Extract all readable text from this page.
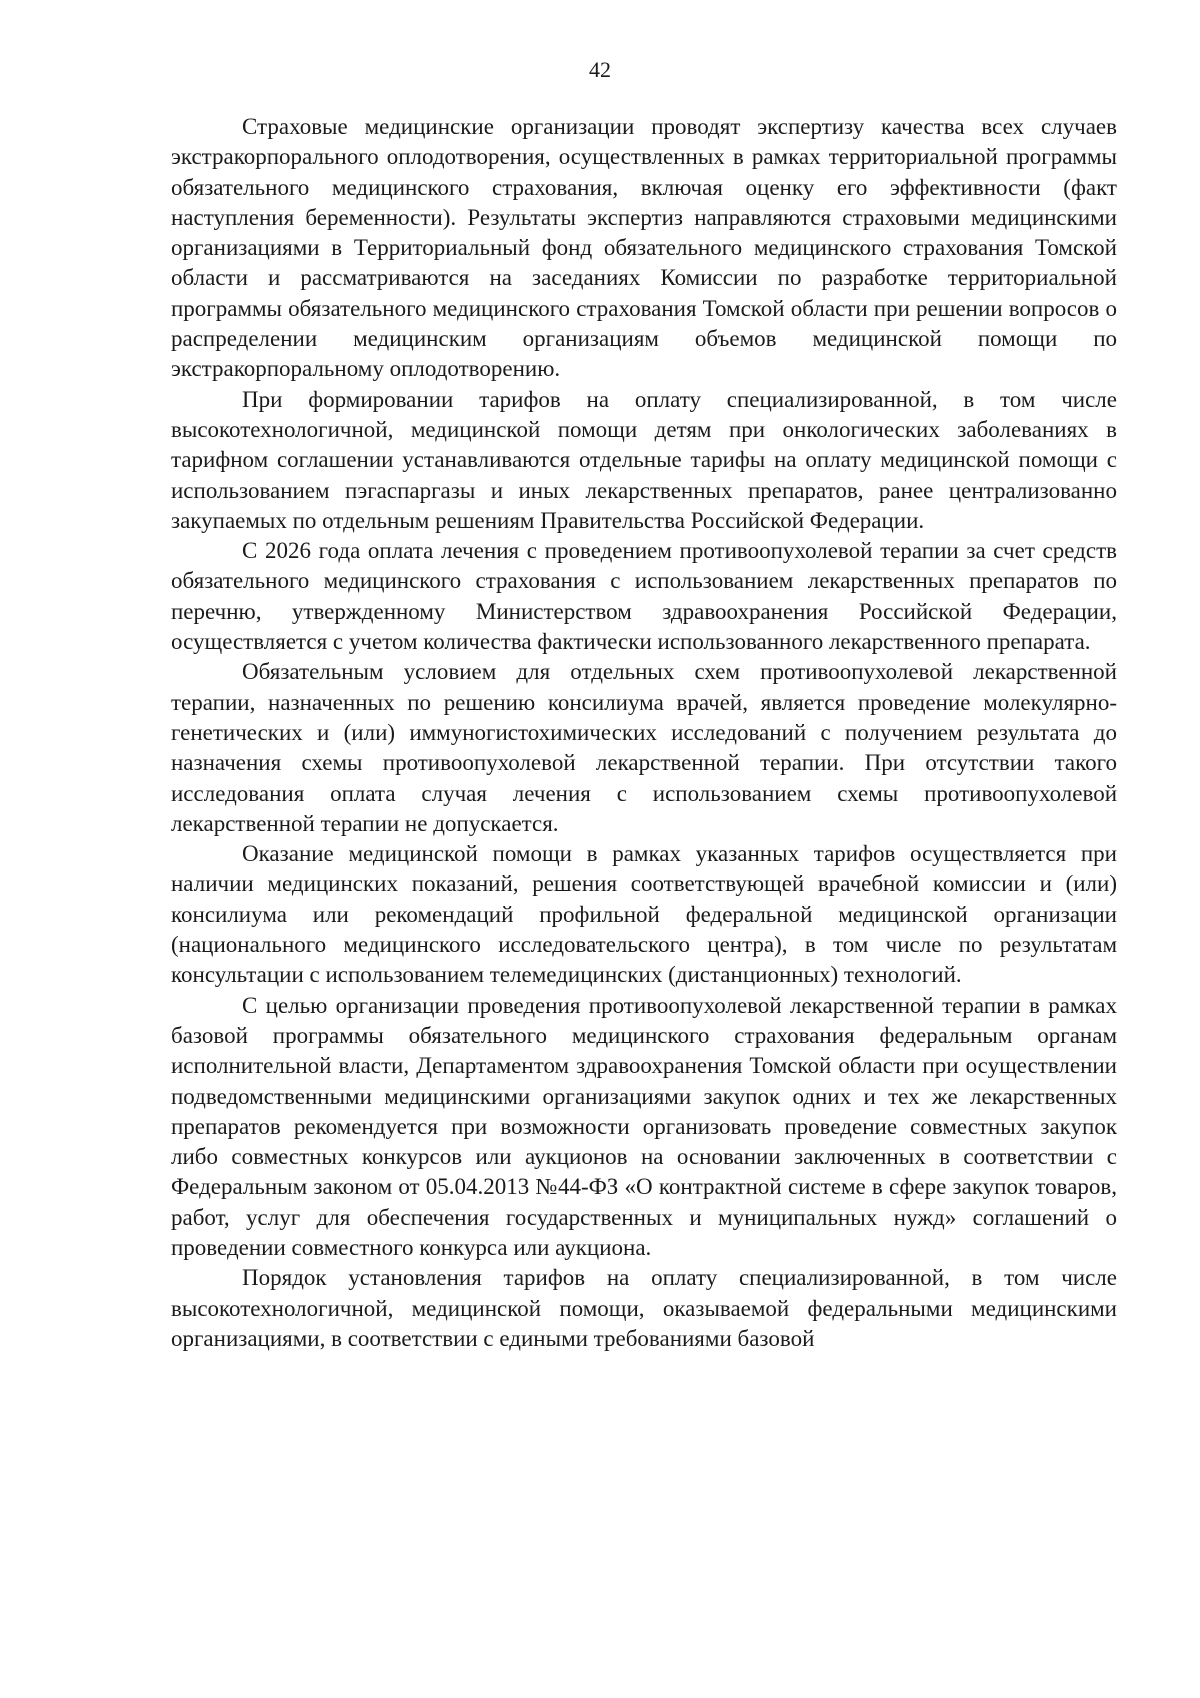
42

Страховые медицинские организации проводят экспертизу качества всех случаев экстракорпорального оплодотворения, осуществленных в рамках территориальной программы обязательного медицинского страхования, включая оценку его эффективности (факт наступления беременности). Результаты экспертиз направляются страховыми медицинскими организациями в Территориальный фонд обязательного медицинского страхования Томской области и рассматриваются на заседаниях Комиссии по разработке территориальной программы обязательного медицинского страхования Томской области при решении вопросов о распределении медицинским организациям объемов медицинской помощи по экстракорпоральному оплодотворению.

При формировании тарифов на оплату специализированной, в том числе высокотехнологичной, медицинской помощи детям при онкологических заболеваниях в тарифном соглашении устанавливаются отдельные тарифы на оплату медицинской помощи с использованием пэгаспаргазы и иных лекарственных препаратов, ранее централизованно закупаемых по отдельным решениям Правительства Российской Федерации.

С 2026 года оплата лечения с проведением противоопухолевой терапии за счет средств обязательного медицинского страхования с использованием лекарственных препаратов по перечню, утвержденному Министерством здравоохранения Российской Федерации, осуществляется с учетом количества фактически использованного лекарственного препарата.

Обязательным условием для отдельных схем противоопухолевой лекарственной терапии, назначенных по решению консилиума врачей, является проведение молекулярно-генетических и (или) иммуногистохимических исследований с получением результата до назначения схемы противоопухолевой лекарственной терапии. При отсутствии такого исследования оплата случая лечения с использованием схемы противоопухолевой лекарственной терапии не допускается.

Оказание медицинской помощи в рамках указанных тарифов осуществляется при наличии медицинских показаний, решения соответствующей врачебной комиссии и (или) консилиума или рекомендаций профильной федеральной медицинской организации (национального медицинского исследовательского центра), в том числе по результатам консультации с использованием телемедицинских (дистанционных) технологий.

С целью организации проведения противоопухолевой лекарственной терапии в рамках базовой программы обязательного медицинского страхования федеральным органам исполнительной власти, Департаментом здравоохранения Томской области при осуществлении подведомственными медицинскими организациями закупок одних и тех же лекарственных препаратов рекомендуется при возможности организовать проведение совместных закупок либо совместных конкурсов или аукционов на основании заключенных в соответствии с Федеральным законом от 05.04.2013 №44-ФЗ «О контрактной системе в сфере закупок товаров, работ, услуг для обеспечения государственных и муниципальных нужд» соглашений о проведении совместного конкурса или аукциона.

Порядок установления тарифов на оплату специализированной, в том числе высокотехнологичной, медицинской помощи, оказываемой федеральными медицинскими организациями, в соответствии с едиными требованиями базовой
